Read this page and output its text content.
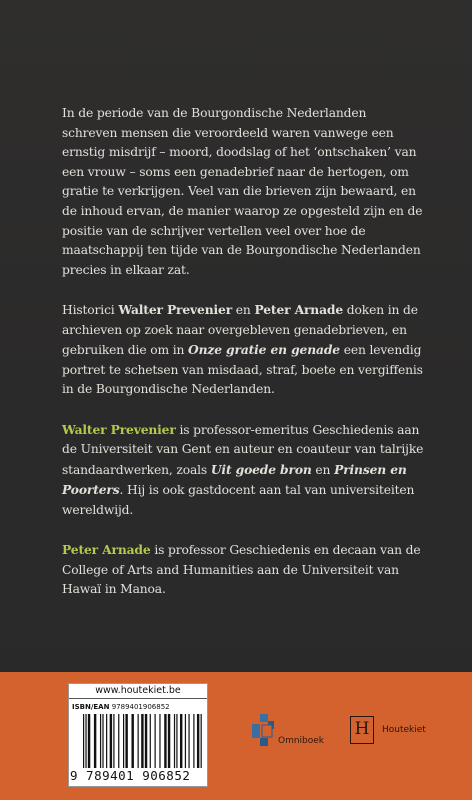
In de periode van de Bourgondische Nederlanden schreven mensen die veroordeeld waren vanwege een ernstig misdrijf – moord, doodslag of het ‘ontschaken’ van een vrouw – soms een genadebrief naar de hertogen, om gratie te verkrijgen. Veel van die brieven zijn bewaard, en de inhoud ervan, de manier waarop ze opgesteld zijn en de positie van de schrijver vertellen veel over hoe de maatschappij ten tijde van de Bourgondische Nederlanden precies in elkaar zat.

Historici Walter Prevenier en Peter Arnade doken in de archieven op zoek naar overgebleven genadebrieven, en gebruiken die om in Onze gratie en genade een levendig portret te schetsen van misdaad, straf, boete en vergiffenis in de Bourgondische Nederlanden.

Walter Prevenier is professor-emeritus Geschiedenis aan de Universiteit van Gent en auteur en coauteur van talrijke standaardwerken, zoals Uit goede bron en Prinsen en Poorters. Hij is ook gastdocent aan tal van universiteiten wereldwijd.

Peter Arnade is professor Geschiedenis en decaan van de College of Arts and Humanities aan de Universiteit van Hawaï in Manoa.

www.houtekiet.be
ISBN/EAN 9789401906852
9 789401 906852
Omniboek
H	Houtekiet
